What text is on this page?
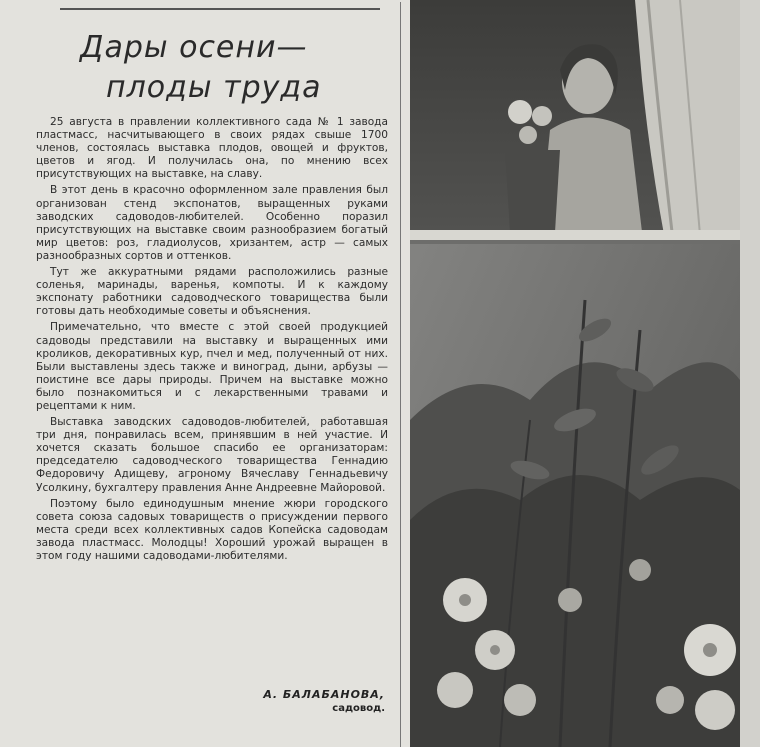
Дары осени—
плоды труда

25 августа в правлении коллективного сада № 1 завода пластмасс, насчитывающего в своих рядах свыше 1700 членов, состоялась выставка плодов, овощей и фруктов, цветов и ягод. И получилась она, по мнению всех присутствующих на выставке, на славу.

В этот день в красочно оформленном зале правления был организован стенд экспонатов, выращенных руками заводских садоводов-любителей. Особенно поразил присутствующих на выставке своим разнообразием богатый мир цветов: роз, гладиолусов, хризантем, астр — самых разнообразных сортов и оттенков.

Тут же аккуратными рядами расположились разные соленья, маринады, варенья, компоты. И к каждому экспонату работники садоводческого товарищества были готовы дать необходимые советы и объяснения.

Примечательно, что вместе с этой своей продукцией садоводы представили на выставку и выращенных ими кроликов, декоративных кур, пчел и мед, полученный от них. Были выставлены здесь также и виноград, дыни, арбузы — поистине все дары природы. Причем на выставке можно было познакомиться и с лекарственными травами и рецептами к ним.

Выставка заводских садоводов-любителей, работавшая три дня, понравилась всем, принявшим в ней участие. И хочется сказать большое спасибо ее организаторам: председателю садоводческого товарищества Геннадию Федоровичу Адищеву, агроному Вячеславу Геннадьевичу Усолкину, бухгалтеру правления Анне Андреевне Майоровой.

Поэтому было единодушным мнение жюри городского совета союза садовых товариществ о присуждении первого места среди всех коллективных садов Копейска садоводам завода пластмасс. Молодцы! Хороший урожай выращен в этом году нашими садоводами-любителями.

А. БАЛАБАНОВА,
садовод.
